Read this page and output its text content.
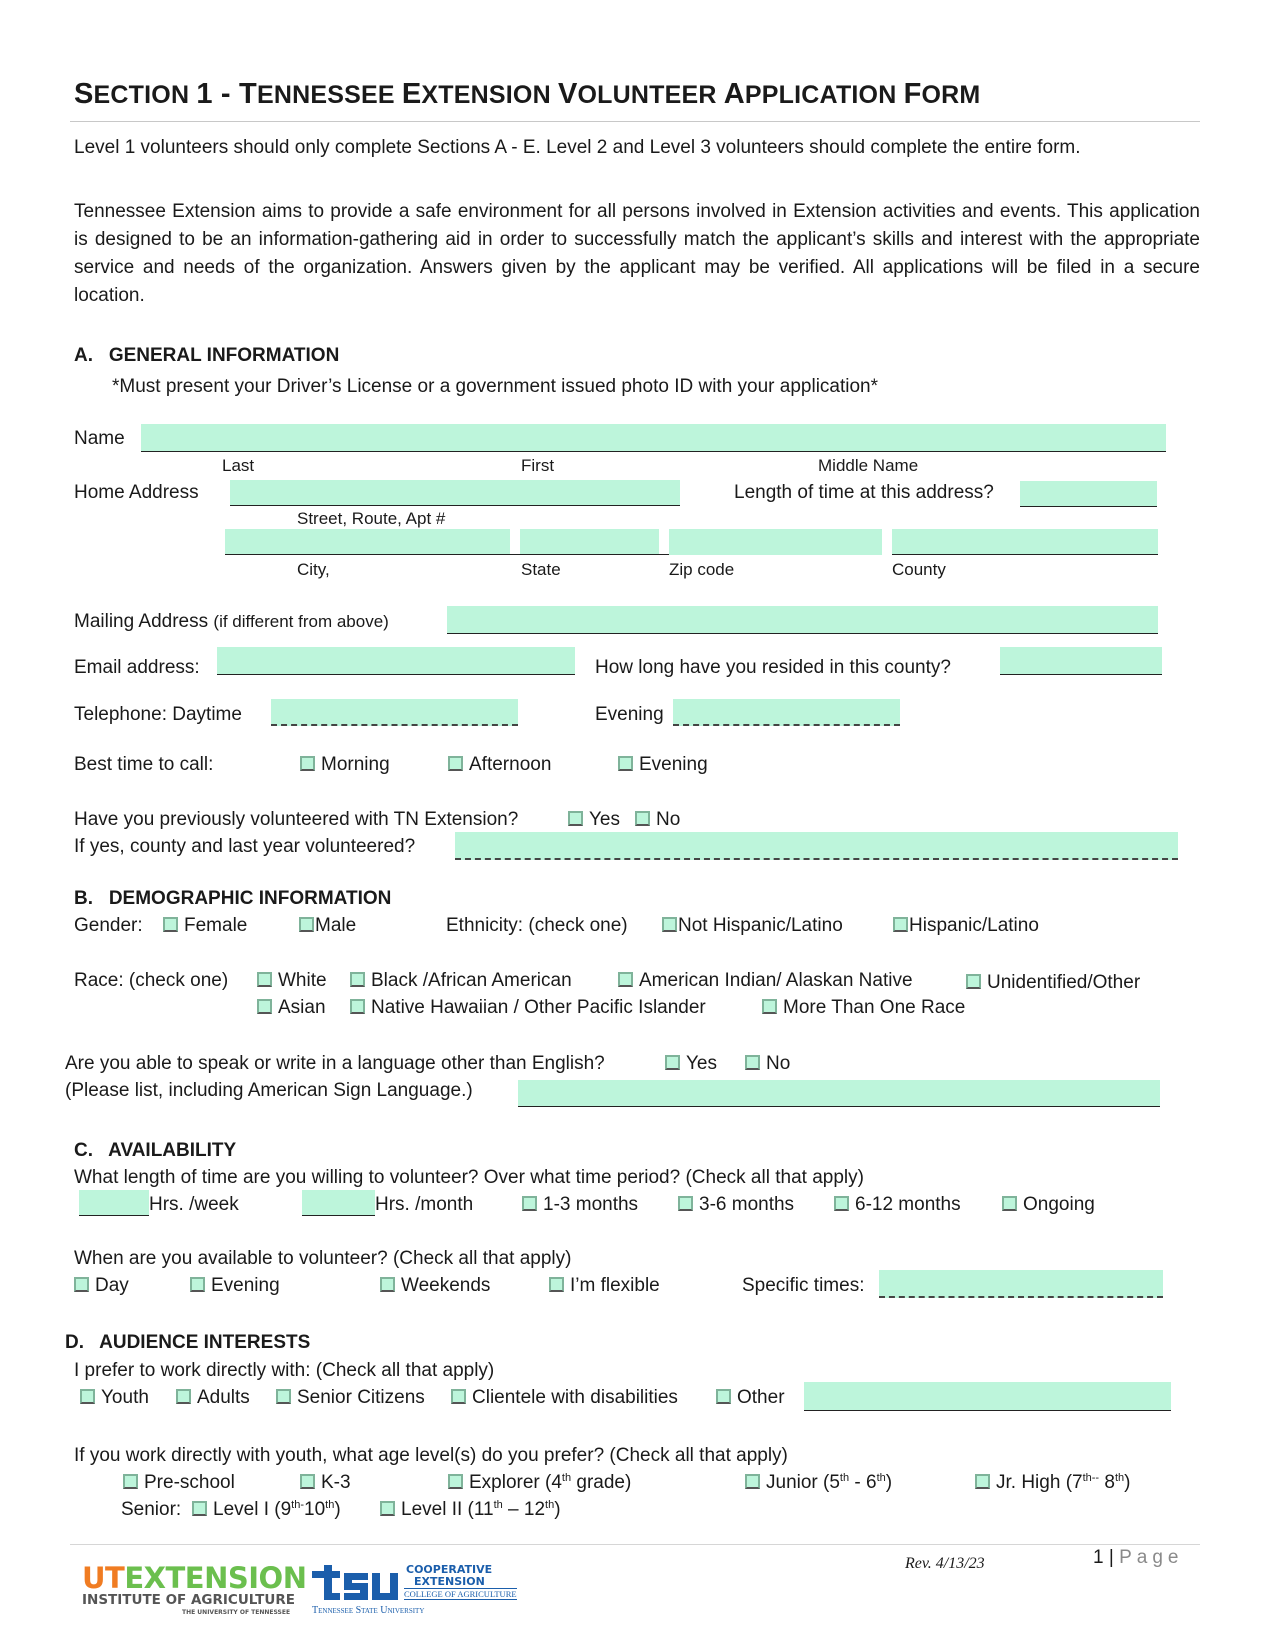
SECTION 1 - TENNESSEE EXTENSION VOLUNTEER APPLICATION FORM
Level 1 volunteers should only complete Sections A - E. Level 2 and Level 3 volunteers should complete the entire form.
Tennessee Extension aims to provide a safe environment for all persons involved in Extension activities and events. This application is designed to be an information-gathering aid in order to successfully match the applicant’s skills and interest with the appropriate service and needs of the organization. Answers given by the applicant may be verified. All applications will be filed in a secure location.
A.   GENERAL INFORMATION
*Must present your Driver’s License or a government issued photo ID with your application*
Name
Last	First	Middle Name
Home Address	Length of time at this address?
Street, Route, Apt #
City,	State	Zip code	County
Mailing Address (if different from above)
Email address:	How long have you resided in this county?
Telephone: Daytime	Evening
Best time to call:	Morning	Afternoon	Evening
Have you previously volunteered with TN Extension?	Yes	No
If yes, county and last year volunteered?
B.   DEMOGRAPHIC INFORMATION
Gender:	Female	Male	Ethnicity: (check one)	Not Hispanic/Latino	Hispanic/Latino
Race: (check one)	White	Black /African American	American Indian/ Alaskan Native	Unidentified/Other
Asian	Native Hawaiian / Other Pacific Islander	More Than One Race
Are you able to speak or write in a language other than English?	Yes	No
(Please list, including American Sign Language.)
C.   AVAILABILITY
What length of time are you willing to volunteer? Over what time period? (Check all that apply)
Hrs. /week	Hrs. /month	1-3 months	3-6 months	6-12 months	Ongoing
When are you available to volunteer? (Check all that apply)
Day	Evening	Weekends	I’m flexible	Specific times:
D.   AUDIENCE INTERESTS
I prefer to work directly with: (Check all that apply)
Youth	Adults	Senior Citizens	Clientele with disabilities	Other
If you work directly with youth, what age level(s) do you prefer? (Check all that apply)
Pre-school	K-3	Explorer (4th grade)	Junior (5th - 6th)	Jr. High ($7^{th--}$ 8th)
Senior:	Level I $(9^{th-}10th)$	Level II (11th – 12th)
Rev. 4/13/23	1 | Page
UTEXTENSION
INSTITUTE OF AGRICULTURE
THE UNIVERSITY OF TENNESSEE
COOPERATIVE
EXTENSION
COLLEGE OF AGRICULTURE
Tennessee State University
